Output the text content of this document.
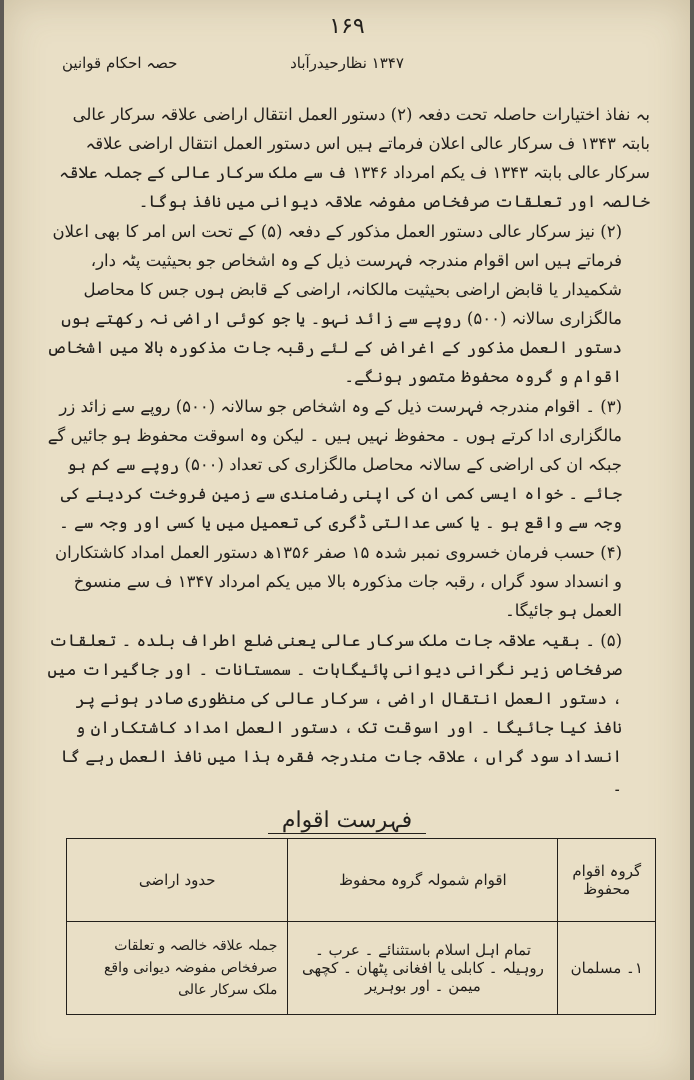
۱۶۹
۱۳۴۷ نظارحیدرآباد
حصہ احکام قوانین

بہ نفاذ اختیارات حاصلہ تحت دفعہ (۲) دستور العمل انتقال اراضی علاقہ سرکار عالی بابتہ ۱۳۴۳ ف سرکار عالی اعلان فرماتے ہیں اس دستور العمل انتقال اراضی علاقہ سرکار عالی بابتہ ۱۳۴۳ ف یکم امرداد ۱۳۴۶ ف سے ملک سرکار عالی کے جملہ علاقہ خالصہ اور تعلقات صرفخاص مفوضہ علاقہ دیوانی میں نافذ ہوگا۔

(۲) نیز سرکار عالی دستور العمل مذکور کے دفعہ (۵) کے تحت اس امر کا بھی اعلان فرماتے ہیں اس اقوام مندرجہ فہرست ذیل کے وہ اشخاص جو بحیثیت پٹہ دار، شکمیدار یا قابض اراضی بحیثیت مالکانہ، اراضی کے قابض ہوں جس کا محاصل مالگزاری سالانہ (۵۰۰) روپے سے زائد نہو۔ یا جو کوئی اراضی نہ رکھتے ہوں دستور العمل مذکور کے اغراض کے لئے رقبہ جات مذکورہ بالا میں اشخاص اقوام و گروہ محفوظ متصور ہونگے۔

(۳) ۔ اقوام مندرجہ فہرست ذیل کے وہ اشخاص جو سالانہ (۵۰۰) روپے سے زائد زر مالگزاری ادا کرتے ہوں ۔ محفوظ نہیں ہیں ۔ لیکن وہ اسوقت محفوظ ہو جائیں گے جبکہ ان کی اراضی کے سالانہ محاصل مالگزاری کی تعداد (۵۰۰) روپے سے کم ہو جائے ۔ خواہ ایسی کمی ان کی اپنی رضامندی سے زمین فروخت کردینے کی وجہ سے واقع ہو ۔ یا کسی عدالتی ڈگری کی تعمیل میں یا کسی اور وجہ سے ۔

(۴) حسب فرمان خسروی نمبر شدہ ۱۵ صفر ۱۳۵۶ھ دستور العمل امداد کاشتکاران و انسداد سود گراں ، رقبہ جات مذکورہ بالا میں یکم امرداد ۱۳۴۷ ف سے منسوخ العمل ہو جائیگا۔

(۵) ۔ بقیہ علاقہ جات ملک سرکار عالی یعنی ضلع اطراف بلدہ ۔ تعلقات صرفخاص زیر نگرانی دیوانی پائیگاہات ۔ سمستانات ۔ اور جاگیرات میں ، دستور العمل انتقال اراضی ، سرکار عالی کی منظوری صادر ہونے پر نافذ کیا جائیگا ۔ اور اسوقت تک ، دستور العمل امداد کاشتکاران و انسداد سود گراں ، علاقہ جات مندرجہ فقرہ ہذا میں نافذ العمل رہے گا ۔

فہرست اقوام
گروہ اقوام محفوظ	اقوام شمولہ گروہ محفوظ	حدود اراضی
۱۔ مسلمان	تمام اہل اسلام باستثنائے ۔ عرب ۔ روہیلہ ۔ کابلی یا افغانی پٹھان ۔ کچھی میمن ۔ اور بوہریر	جملہ علاقہ خالصہ و تعلقات صرفخاص مفوضہ دیوانی واقع ملک سرکار عالی
